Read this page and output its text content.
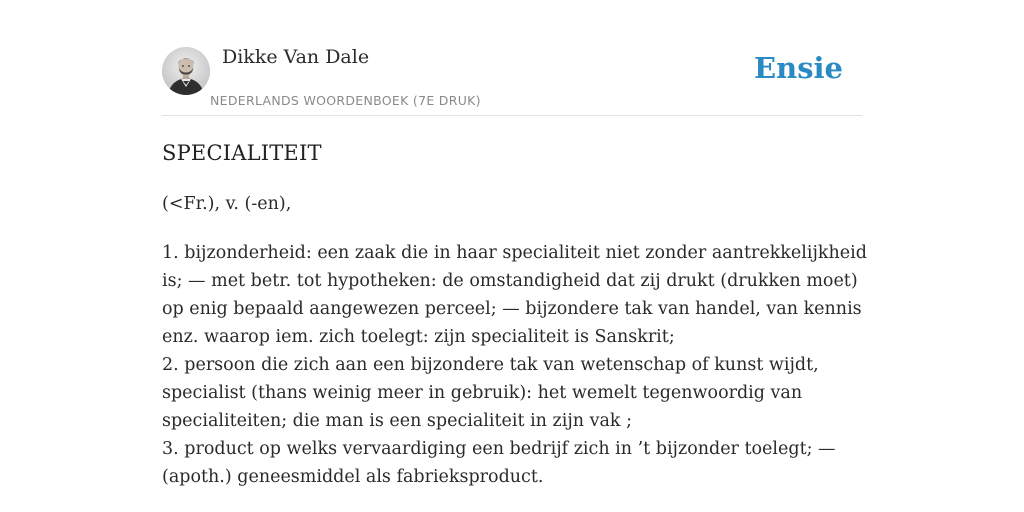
Dikke Van Dale
NEDERLANDS WOORDENBOEK (7E DRUK)
Ensie
SPECIALITEIT
(<Fr.), v. (-en),

1. bijzonderheid: een zaak die in haar specialiteit niet zonder aantrekkelijkheid is; — met betr. tot hypotheken: de omstandigheid dat zij drukt (drukken moet) op enig bepaald aangewezen perceel; — bijzondere tak van handel, van kennis enz. waarop iem. zich toelegt: zijn specialiteit is Sanskrit;

2. persoon die zich aan een bijzondere tak van wetenschap of kunst wijdt, specialist (thans weinig meer in gebruik): het wemelt tegenwoordig van specialiteiten; die man is een specialiteit in zijn vak ;

3. product op welks vervaardiging een bedrijf zich in ’t bijzonder toelegt; — (apoth.) geneesmiddel als fabrieksproduct.
